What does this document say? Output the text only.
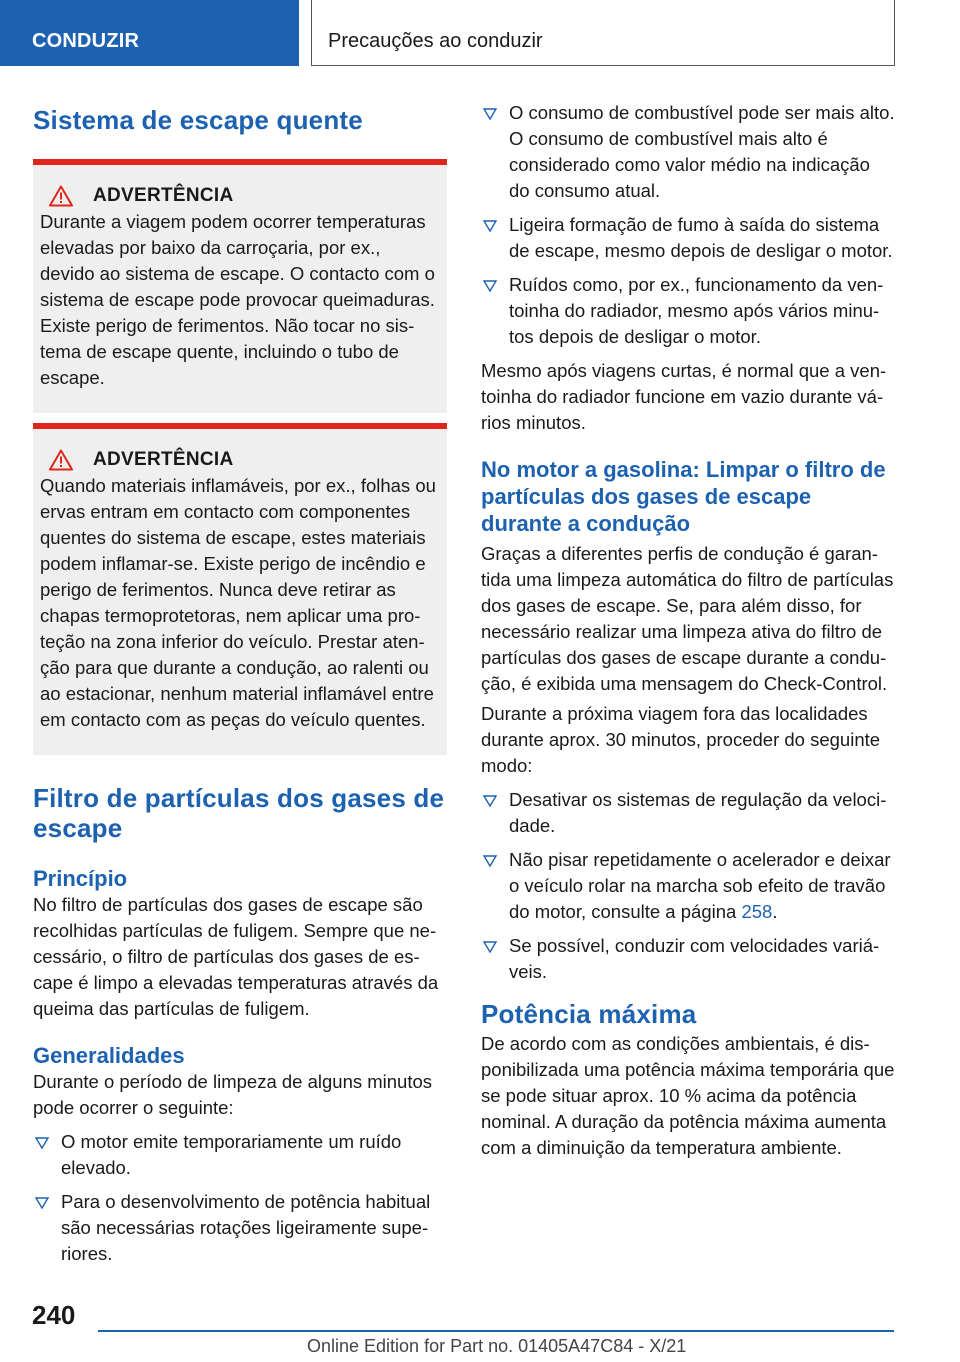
CONDUZIR	Precauções ao conduzir
Sistema de escape quente
ADVERTÊNCIA
Durante a viagem podem ocorrer temperaturas elevadas por baixo da carroçaria, por ex., devido ao sistema de escape. O contacto com o sistema de escape pode provocar queimaduras. Existe perigo de ferimentos. Não tocar no sistema de escape quente, incluindo o tubo de escape.
ADVERTÊNCIA
Quando materiais inflamáveis, por ex., folhas ou ervas entram em contacto com componentes quentes do sistema de escape, estes materiais podem inflamar-se. Existe perigo de incêndio e perigo de ferimentos. Nunca deve retirar as chapas termoprotetoras, nem aplicar uma proteção na zona inferior do veículo. Prestar atenção para que durante a condução, ao ralenti ou ao estacionar, nenhum material inflamável entre em contacto com as peças do veículo quentes.
Filtro de partículas dos gases de escape
Princípio
No filtro de partículas dos gases de escape são recolhidas partículas de fuligem. Sempre que necessário, o filtro de partículas dos gases de escape é limpo a elevadas temperaturas através da queima das partículas de fuligem.
Generalidades
Durante o período de limpeza de alguns minutos pode ocorrer o seguinte:
O motor emite temporariamente um ruído elevado.
Para o desenvolvimento de potência habitual são necessárias rotações ligeiramente superiores.
O consumo de combustível pode ser mais alto. O consumo de combustível mais alto é considerado como valor médio na indicação do consumo atual.
Ligeira formação de fumo à saída do sistema de escape, mesmo depois de desligar o motor.
Ruídos como, por ex., funcionamento da ventoinha do radiador, mesmo após vários minutos depois de desligar o motor.
Mesmo após viagens curtas, é normal que a ventoinha do radiador funcione em vazio durante vários minutos.
No motor a gasolina: Limpar o filtro de partículas dos gases de escape durante a condução
Graças a diferentes perfis de condução é garantida uma limpeza automática do filtro de partículas dos gases de escape. Se, para além disso, for necessário realizar uma limpeza ativa do filtro de partículas dos gases de escape durante a condução, é exibida uma mensagem do Check-Control.
Durante a próxima viagem fora das localidades durante aprox. 30 minutos, proceder do seguinte modo:
Desativar os sistemas de regulação da velocidade.
Não pisar repetidamente o acelerador e deixar o veículo rolar na marcha sob efeito de travão do motor, consulte a página 258.
Se possível, conduzir com velocidades variáveis.
Potência máxima
De acordo com as condições ambientais, é disponibilizada uma potência máxima temporária que se pode situar aprox. 10 % acima da potência nominal. A duração da potência máxima aumenta com a diminuição da temperatura ambiente.
240
Online Edition for Part no. 01405A47C84 - X/21
